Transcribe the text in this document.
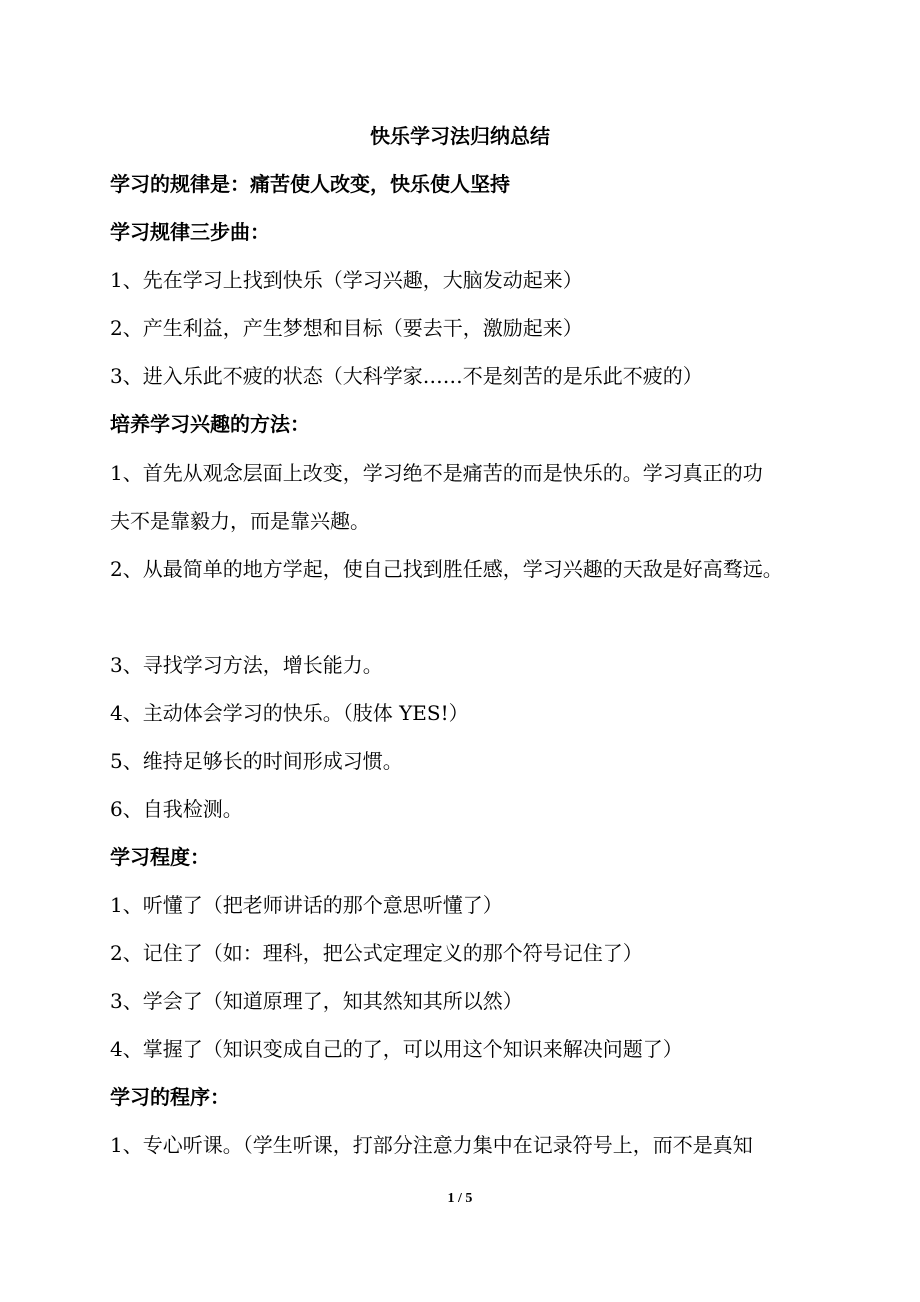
快乐学习法归纳总结
学习的规律是：痛苦使人改变，快乐使人坚持
学习规律三步曲：
1、先在学习上找到快乐（学习兴趣，大脑发动起来）
2、产生利益，产生梦想和目标（要去干，激励起来）
3、进入乐此不疲的状态（大科学家……不是刻苦的是乐此不疲的）
培养学习兴趣的方法：
1、首先从观念层面上改变，学习绝不是痛苦的而是快乐的。学习真正的功
夫不是靠毅力，而是靠兴趣。
2、从最简单的地方学起，使自己找到胜任感，学习兴趣的天敌是好高骛远。
3、寻找学习方法，增长能力。
4、主动体会学习的快乐。（肢体 YES!）
5、维持足够长的时间形成习惯。
6、自我检测。
学习程度：
1、听懂了（把老师讲话的那个意思听懂了）
2、记住了（如：理科，把公式定理定义的那个符号记住了）
3、学会了（知道原理了，知其然知其所以然）
4、掌握了（知识变成自己的了，可以用这个知识来解决问题了）
学习的程序：
1、专心听课。（学生听课，打部分注意力集中在记录符号上，而不是真知
1 / 5
